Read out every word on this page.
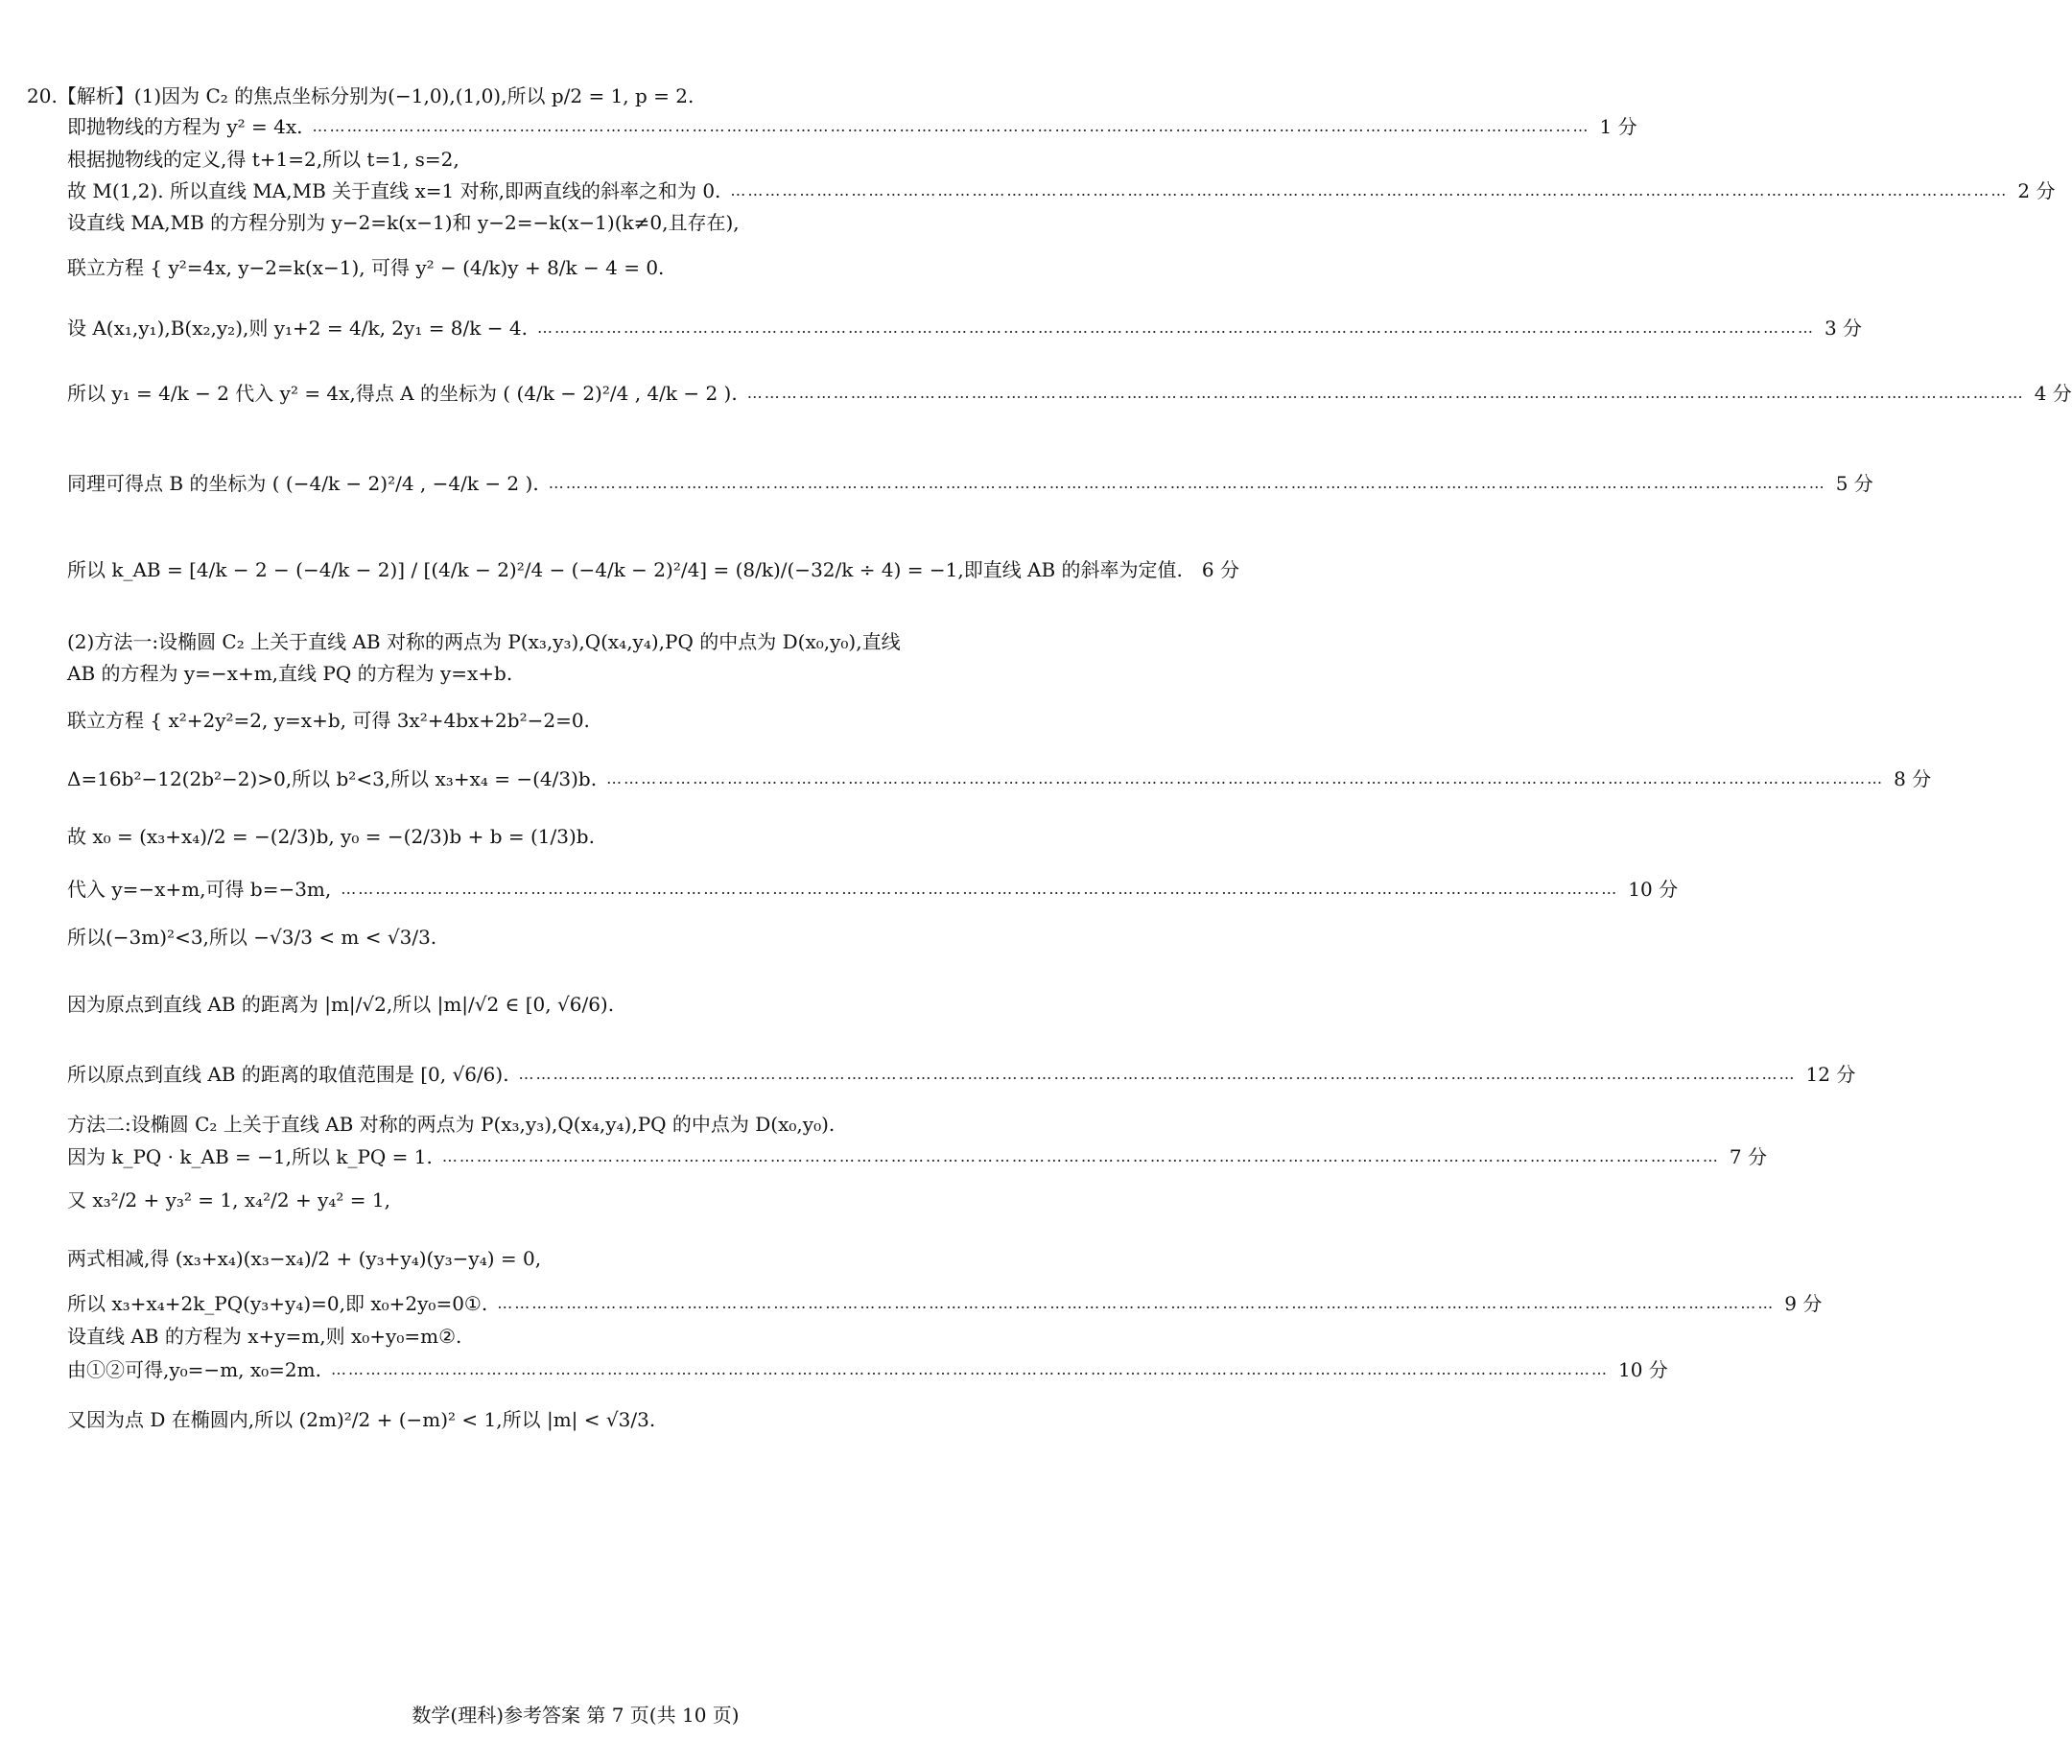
20.【解析】(1)因为 C₂ 的焦点坐标分别为(−1,0),(1,0),所以 p/2 = 1, p = 2.
即抛物线的方程为 y² = 4x. ……………………………………………………………………………………………………………………………………………………………………………………………………	1 分
根据抛物线的定义,得 t+1=2,所以 t=1, s=2,
故 M(1,2). 所以直线 MA,MB 关于直线 x=1 对称,即两直线的斜率之和为 0. ……………………………………………………………………………………………………………………………………………………………………………………………………	2 分
设直线 MA,MB 的方程分别为 y−2=k(x−1)和 y−2=−k(x−1)(k≠0,且存在),
联立方程 { y²=4x, y−2=k(x−1), 可得 y² − (4/k)y + 8/k − 4 = 0.
设 A(x₁,y₁),B(x₂,y₂),则 y₁+2 = 4/k, 2y₁ = 8/k − 4. ……………………………………………………………………………………………………………………………………………………………………………………………………	3 分
所以 y₁ = 4/k − 2 代入 y² = 4x,得点 A 的坐标为 ( (4/k − 2)²/4 , 4/k − 2 ). ……………………………………………………………………………………………………………………………………………………………………………………………………	4 分
同理可得点 B 的坐标为 ( (−4/k − 2)²/4 , −4/k − 2 ). ……………………………………………………………………………………………………………………………………………………………………………………………………	5 分
所以 k_AB = [4/k − 2 − (−4/k − 2)] / [(4/k − 2)²/4 − (−4/k − 2)²/4] = (8/k)/(−32/k ÷ 4) = −1,即直线 AB 的斜率为定值. 6 分
(2)方法一:设椭圆 C₂ 上关于直线 AB 对称的两点为 P(x₃,y₃),Q(x₄,y₄),PQ 的中点为 D(x₀,y₀),直线
AB 的方程为 y=−x+m,直线 PQ 的方程为 y=x+b.
联立方程 { x²+2y²=2, y=x+b, 可得 3x²+4bx+2b²−2=0.
Δ=16b²−12(2b²−2)>0,所以 b²<3,所以 x₃+x₄ = −(4/3)b. ……………………………………………………………………………………………………………………………………………………………………………………………………	8 分
故 x₀ = (x₃+x₄)/2 = −(2/3)b, y₀ = −(2/3)b + b = (1/3)b.
代入 y=−x+m,可得 b=−3m, ……………………………………………………………………………………………………………………………………………………………………………………………………	10 分
所以(−3m)²<3,所以 −√3/3 < m < √3/3.
因为原点到直线 AB 的距离为 |m|/√2,所以 |m|/√2 ∈ [0, √6/6).
所以原点到直线 AB 的距离的取值范围是 [0, √6/6). ……………………………………………………………………………………………………………………………………………………………………………………………………	12 分
方法二:设椭圆 C₂ 上关于直线 AB 对称的两点为 P(x₃,y₃),Q(x₄,y₄),PQ 的中点为 D(x₀,y₀).
因为 k_PQ · k_AB = −1,所以 k_PQ = 1. ……………………………………………………………………………………………………………………………………………………………………………………………………	7 分
又 x₃²/2 + y₃² = 1, x₄²/2 + y₄² = 1,
两式相减,得 (x₃+x₄)(x₃−x₄)/2 + (y₃+y₄)(y₃−y₄) = 0,
所以 x₃+x₄+2k_PQ(y₃+y₄)=0,即 x₀+2y₀=0①. ……………………………………………………………………………………………………………………………………………………………………………………………………	9 分
设直线 AB 的方程为 x+y=m,则 x₀+y₀=m②.
由①②可得,y₀=−m, x₀=2m. ……………………………………………………………………………………………………………………………………………………………………………………………………	10 分
又因为点 D 在椭圆内,所以 (2m)²/2 + (−m)² < 1,所以 |m| < √3/3.
数学(理科)参考答案 第 7 页(共 10 页)
